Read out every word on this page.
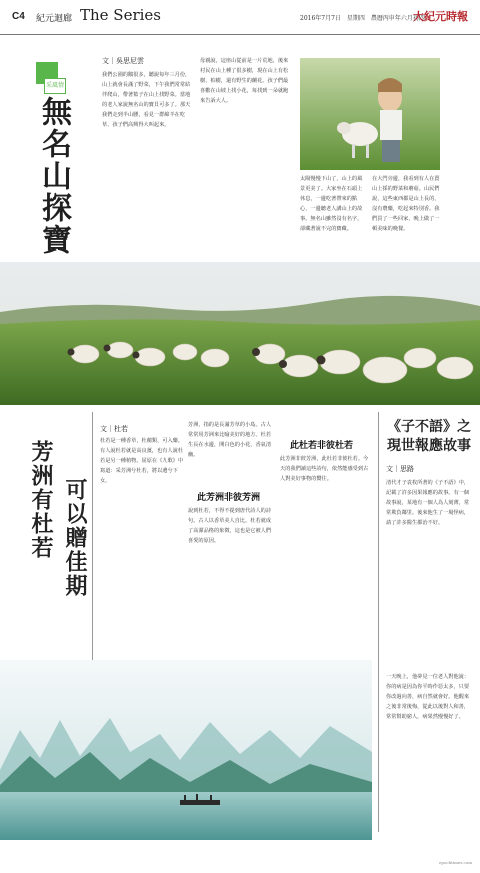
C4 紀元迴廊 The Series	2016年7月7日　星期四　農曆丙申年六月初四
大紀元時報
采風情
無名山探寶
文｜吳思尼雲
我們公園的鵝很多，聽說每年三月份，山上就會長滿了野菜，下午我們常常結伴爬山，帶著籃子在山上找野菜。當地的老人家說無名山的寶貝可多了。那天我們走到半山腰，看見一群綿羊在吃草，孩子們高興得大叫起來。
母親說，這座山從前是一片荒地，後來村民在山上種了很多樹，現在山上有松樹、柏樹，還有野生的蘭花。孩子們最喜歡在山坡上找小花，每找到一朵就跑來告訴大人。
太陽慢慢下山了，山上的風景更美了。大家坐在石頭上休息，一邊吃著帶來的點心，一邊聽老人講山上的故事。無名山雖然沒有名字，卻藏著說不完的寶藏。
在大門旁邊，我看到有人在賣山上採的野菜和蘑菇。山民們說，這些東西都是山上長的，沒有農藥，吃起來特別香。我們買了一些回家，晚上做了一頓美味的晚餐。
芳洲有杜若 可以贈佳期
文｜杜若
杜若是一種香草，杜蘅類，可入藥。有人說杜若就是高良薑，也有人說杜若是另一種植物。屈原在《九歌》中寫道：采芳洲兮杜若，將以遺兮下女。
芳洲，指的是長滿芳草的小島。古人常常用芳洲來比喻美好的地方。杜若生長在水邊，開白色的小花，香氣清幽。
此芳洲非彼芳洲
說到杜若，不得不提到唐代詩人的詩句。古人以香草美人自比，杜若就成了高潔品格的象徵，這也是它被人們喜愛的原因。
此杜若非彼杜若
此芳洲非彼芳洲，此杜若非彼杜若。今天的我們讀這些詩句，依然能感受到古人對美好事物的嚮往。
《子不語》之
現世報應故事
文｜思路
清代才子袁枚所著的《子不語》中，記載了許多因果報應的故事。有一個故事說，某地有一個人為人刻薄，常常欺負鄰里。後來他生了一場怪病，請了許多醫生都治不好。
一天晚上，他夢見一位老人對他說：你的病是因為你平時作惡太多，只要你改過向善，病自然就會好。他醒來之後非常後悔，從此以後對人和善，常常幫助窮人，病果然慢慢好了。
epochtimes.com
